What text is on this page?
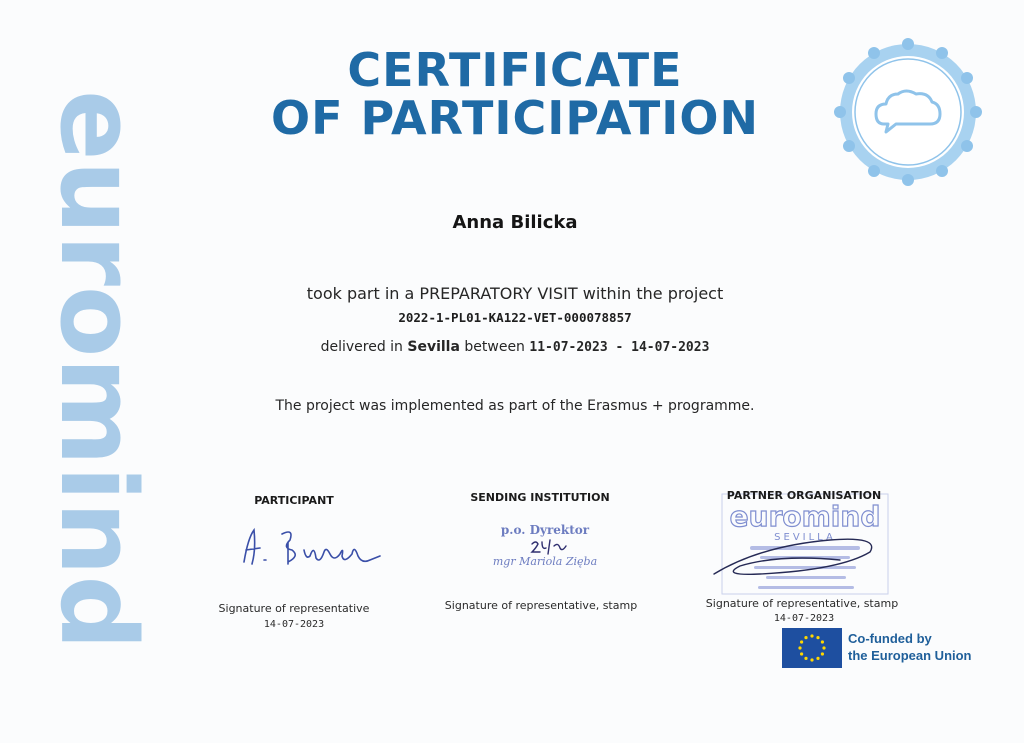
euromind
CERTIFICATE
OF PARTICIPATION
Anna Bilicka
took part in a PREPARATORY VISIT within the project
2022-1-PL01-KA122-VET-000078857
delivered in Sevilla between 11-07-2023 - 14-07-2023
The project was implemented as part of the Erasmus + programme.
PARTICIPANT
Signature of representative
14-07-2023
SENDING INSTITUTION
p.o. Dyrektor
mgr Mariola Zięba
Signature of representative, stamp
euromind
SEVILLA
PARTNER ORGANISATION
Signature of representative, stamp
14-07-2023
Co-funded by
the European Union
